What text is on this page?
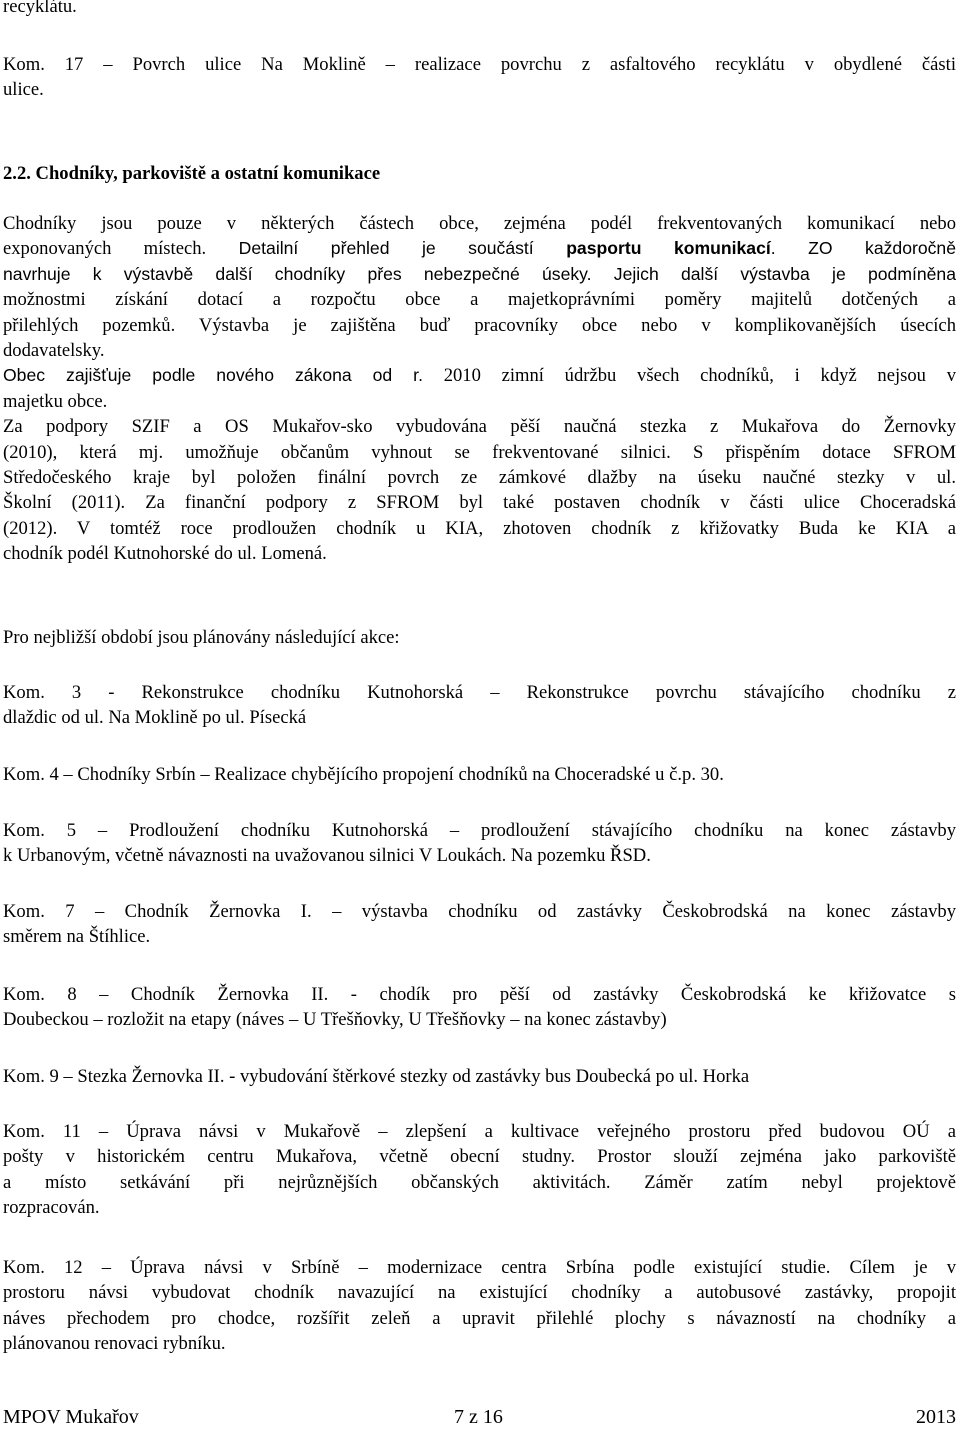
recyklátu.
Kom. 17 – Povrch ulice Na Moklině – realizace povrchu z asfaltového recyklátu v obydlené části
ulice.
2.2. Chodníky, parkoviště a ostatní komunikace
Chodníky jsou pouze v některých částech obce, zejména podél frekventovaných komunikací nebo
exponovaných místech. Detailní přehled je součástí pasportu komunikací. ZO každoročně
navrhuje k výstavbě další chodníky přes nebezpečné úseky. Jejich další výstavba je podmíněna
možnostmi získání dotací a rozpočtu obce a majetkoprávními poměry majitelů dotčených a
přilehlých pozemků. Výstavba je zajištěna buď pracovníky obce nebo v komplikovanějších úsecích
dodavatelsky.
Obec zajišťuje podle nového zákona od r. 2010 zimní údržbu všech chodníků, i když nejsou v
majetku obce.
Za podpory SZIF a OS Mukařov-sko vybudována pěší naučná stezka z Mukařova do Žernovky
(2010), která mj. umožňuje občanům vyhnout se frekventované silnici. S přispěním dotace SFROM
Středočeského kraje byl položen finální povrch ze zámkové dlažby na úseku naučné stezky v ul.
Školní (2011). Za finanční podpory z SFROM byl také postaven chodník v části ulice Choceradská
(2012). V tomtéž roce prodloužen chodník u KIA, zhotoven chodník z křižovatky Buda ke KIA a
chodník podél Kutnohorské do ul. Lomená.
Pro nejbližší období jsou plánovány následující akce:
Kom. 3 - Rekonstrukce chodníku Kutnohorská – Rekonstrukce povrchu stávajícího chodníku z
dlaždic od ul. Na Moklině po ul. Písecká
Kom. 4 – Chodníky Srbín – Realizace chybějícího propojení chodníků na Choceradské u č.p. 30.
Kom. 5 – Prodloužení chodníku Kutnohorská – prodloužení stávajícího chodníku na konec zástavby
k Urbanovým, včetně návaznosti na uvažovanou silnici V Loukách. Na pozemku ŘSD.
Kom. 7 – Chodník Žernovka I. – výstavba chodníku od zastávky Českobrodská na konec zástavby
směrem na Štíhlice.
Kom. 8 – Chodník Žernovka II. - chodík pro pěší od zastávky Českobrodská ke křižovatce s
Doubeckou – rozložit na etapy (náves – U Třešňovky, U Třešňovky – na konec zástavby)
Kom. 9 – Stezka Žernovka II. - vybudování štěrkové stezky od zastávky bus Doubecká po ul. Horka
Kom. 11 – Úprava návsi v Mukařově – zlepšení a kultivace veřejného prostoru před budovou OÚ a
pošty v historickém centru Mukařova, včetně obecní studny. Prostor slouží zejména jako parkoviště
a místo setkávání při nejrůznějších občanských aktivitách. Záměr zatím nebyl projektově
rozpracován.
Kom. 12 – Úprava návsi v Srbíně – modernizace centra Srbína podle existující studie. Cílem je v
prostoru návsi vybudovat chodník navazující na existující chodníky a autobusové zastávky, propojit
náves přechodem pro chodce, rozšířit zeleň a upravit přilehlé plochy s návazností na chodníky a
plánovanou renovaci rybníku.
MPOV Mukařov	7 z 16	2013
